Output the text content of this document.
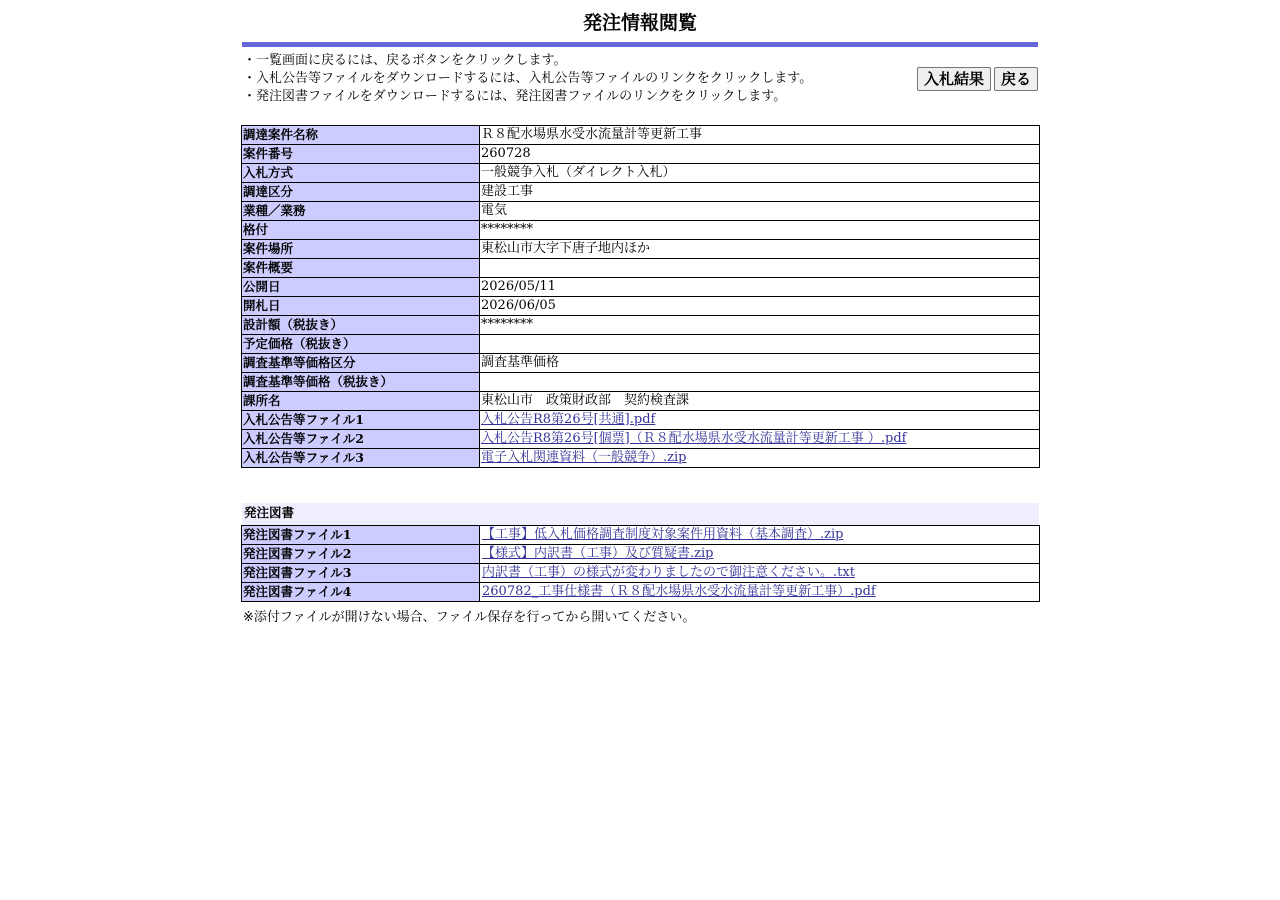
発注情報閲覧
・一覧画面に戻るには、戻るボタンをクリックします。
・入札公告等ファイルをダウンロードするには、入札公告等ファイルのリンクをクリックします。
・発注図書ファイルをダウンロードするには、発注図書ファイルのリンクをクリックします。
入札結果	戻る
調達案件名称	Ｒ８配水場県水受水流量計等更新工事
案件番号	260728
入札方式	一般競争入札（ダイレクト入札）
調達区分	建設工事
業種／業務	電気
格付	********
案件場所	東松山市大字下唐子地内ほか
案件概要	
公開日	2026/05/11
開札日	2026/06/05
設計額（税抜き）	********
予定価格（税抜き）	
調査基準等価格区分	調査基準価格
調査基準等価格（税抜き）	
課所名	東松山市　政策財政部　契約検査課
入札公告等ファイル1	入札公告R8第26号[共通].pdf
入札公告等ファイル2	入札公告R8第26号[個票]（Ｒ８配水場県水受水流量計等更新工事 ）.pdf
入札公告等ファイル3	電子入札関連資料（一般競争）.zip
発注図書
発注図書ファイル1	【工事】低入札価格調査制度対象案件用資料（基本調査）.zip
発注図書ファイル2	【様式】内訳書（工事）及び質疑書.zip
発注図書ファイル3	内訳書（工事）の様式が変わりましたので御注意ください。.txt
発注図書ファイル4	260782_工事仕様書（Ｒ８配水場県水受水流量計等更新工事）.pdf
※添付ファイルが開けない場合、ファイル保存を行ってから開いてください。
